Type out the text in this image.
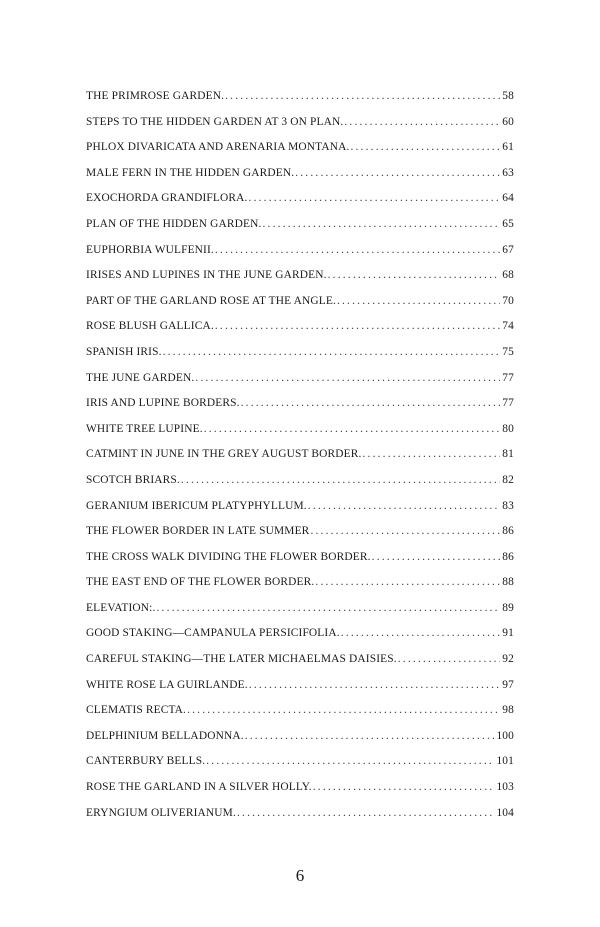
THE PRIMROSE GARDEN. .....	58
STEPS TO THE HIDDEN GARDEN AT 3 ON PLAN. .....	60
PHLOX DIVARICATA AND ARENARIA MONTANA. .....	61
MALE FERN IN THE HIDDEN GARDEN. .....	63
EXOCHORDA GRANDIFLORA. .....	64
PLAN OF THE HIDDEN GARDEN. .....	65
EUPHORBIA WULFENII. .....	67
IRISES AND LUPINES IN THE JUNE GARDEN. .....	68
PART OF THE GARLAND ROSE AT THE ANGLE. .....	70
ROSE BLUSH GALLICA. .....	74
SPANISH IRIS. .....	75
THE JUNE GARDEN. .....	77
IRIS AND LUPINE BORDERS. .....	77
WHITE TREE LUPINE. .....	80
CATMINT IN JUNE IN THE GREY AUGUST BORDER. .....	81
SCOTCH BRIARS. .....	82
GERANIUM IBERICUM PLATYPHYLLUM. .....	83
THE FLOWER BORDER IN LATE SUMMER .....	86
THE CROSS WALK DIVIDING THE FLOWER BORDER. .....	86
THE EAST END OF THE FLOWER BORDER. .....	88
ELEVATION:. .....	89
GOOD STAKING—CAMPANULA PERSICIFOLIA. .....	91
CAREFUL STAKING—THE LATER MICHAELMAS DAISIES. .....	92
WHITE ROSE LA GUIRLANDE. .....	97
CLEMATIS RECTA. .....	98
DELPHINIUM BELLADONNA. .....	100
CANTERBURY BELLS. .....	101
ROSE THE GARLAND IN A SILVER HOLLY. .....	103
ERYNGIUM OLIVERIANUM. .....	104
6
